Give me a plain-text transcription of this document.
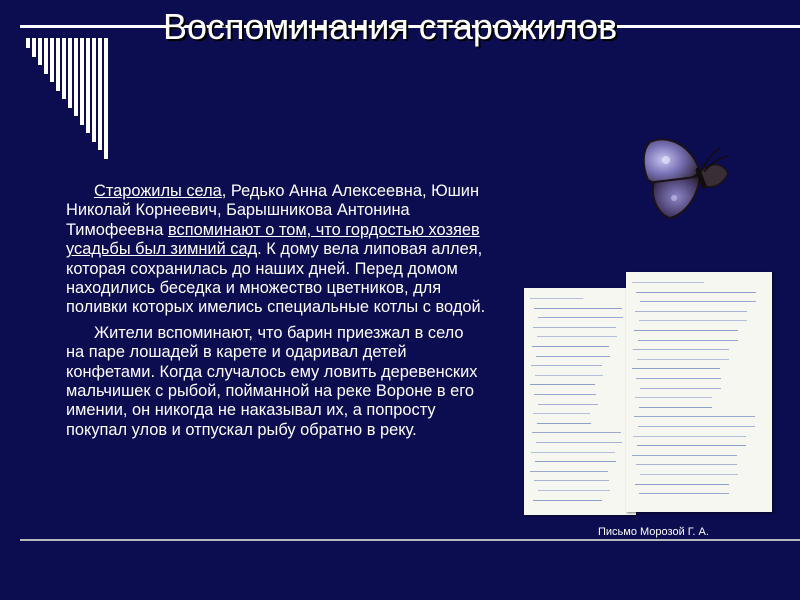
Воспоминания старожилов

Старожилы села, Редько Анна Алексеевна, Юшин Николай Корнеевич, Барышникова Антонина Тимофеевна вспоминают о том, что гордостью хозяев усадьбы был зимний сад. К дому вела липовая аллея, которая сохранилась до наших дней. Перед домом находились беседка и множество цветников, для поливки которых имелись специальные котлы с водой.

Жители вспоминают, что барин приезжал в село на паре лошадей в карете и одаривал детей конфетами. Когда случалось ему ловить деревенских мальчишек с рыбой, пойманной на реке Вороне в его имении, он никогда не наказывал их, а попросту покупал улов и отпускал рыбу обратно в реку.

Письмо Морозой Г. А.
